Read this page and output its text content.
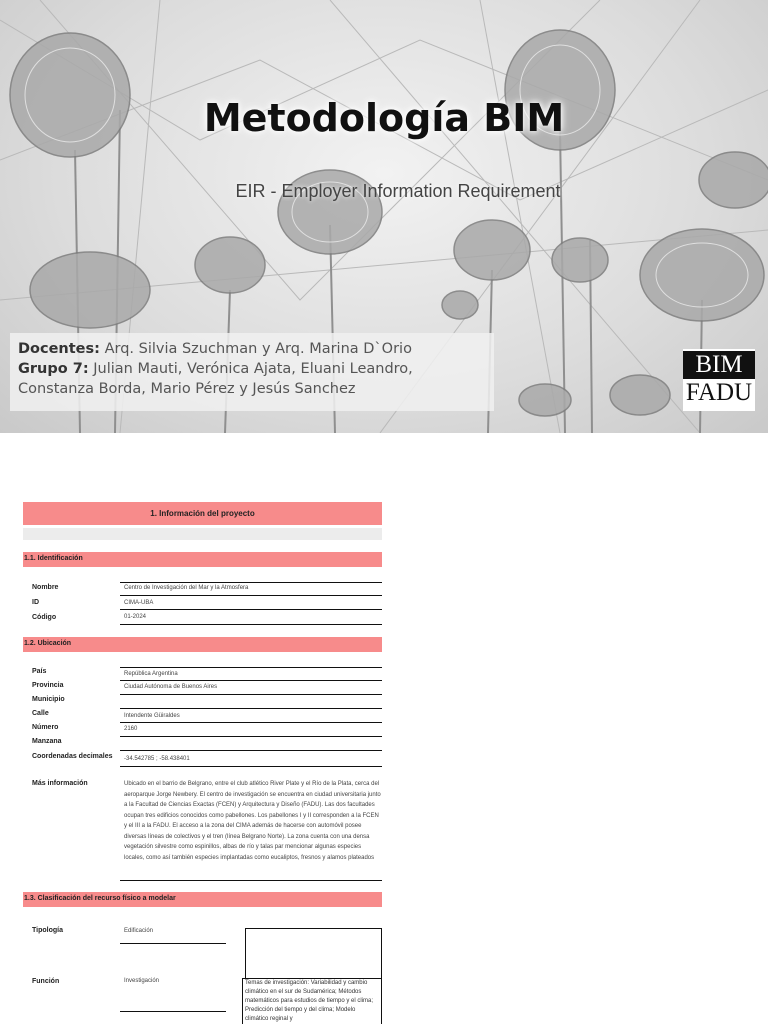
Metodología BIM
EIR - Employer Information Requirement
Docentes: Arq. Silvia Szuchman y Arq. Marina D`Orio
Grupo 7: Julian Mauti, Verónica Ajata, Eluani Leandro, Constanza Borda, Mario Pérez y Jesús Sanchez
BIM
FADU
1. Información del proyecto
1.1. Identificación
Nombre	Centro de Investigación del Mar y la Atmosfera
ID	CIMA-UBA
Código	01-2024
1.2. Ubicación
País	República Argentina
Provincia	Ciudad Autónoma de Buenos Aires
Municipio
Calle	Intendente Güiraldes
Número	2160
Manzana
Coordenadas decimales -34.542785 ; -58.438401
Más información	Ubicado en el barrio de Belgrano, entre el club atlético River Plate y el Río de la Plata, cerca del aeroparque Jorge Newbery. El centro de investigación se encuentra en ciudad universitaria junto a la Facultad de Ciencias Exactas (FCEN) y Arquitectura y Diseño (FADU). Las dos facultades ocupan tres edificios conocidos como pabellones. Los pabellones I y II corresponden a la FCEN y el III a la FADU. El acceso a la zona del CIMA además de hacerse con automóvil posee diversas líneas de colectivos y el tren (línea Belgrano Norte). La zona cuenta con una densa vegetación silvestre como espinillos, albas de río y talas par mencionar algunas especies locales, como así también especies implantadas como eucaliptos, fresnos y alamos plateados
1.3. Clasificación del recurso físico a modelar
Tipología	Edificación
Función	Investigación	Temas de investigación: Variabilidad y cambio climático en el sur de Sudamérica; Métodos matemáticos para estudios de tiempo y el clima; Predicción del tiempo y del clima; Modelo climático reginal y
